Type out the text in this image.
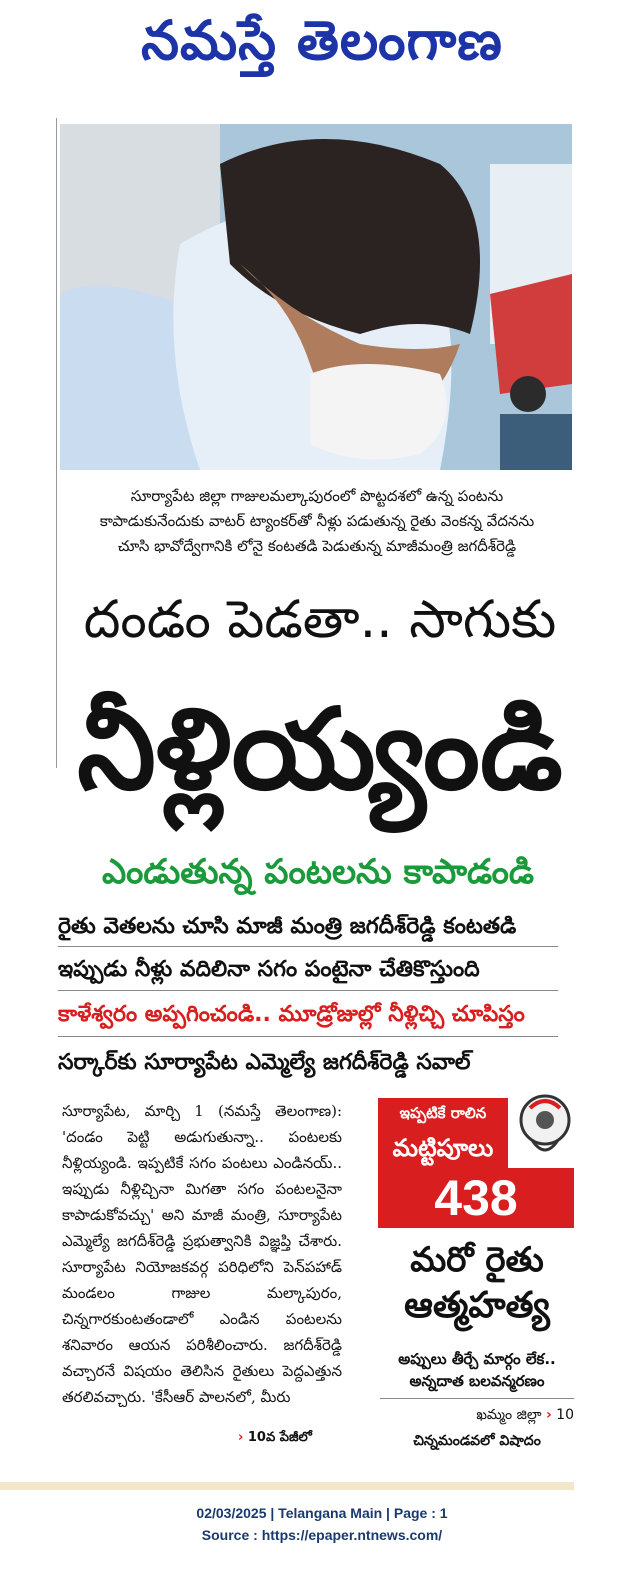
నమస్తే తెలంగాణ
సూర్యాపేట జిల్లా గాజులమల్కాపురంలో పొట్టదశలో ఉన్న పంటను కాపాడుకునేందుకు వాటర్ ట్యాంకర్‌తో నీళ్లు పడుతున్న రైతు వెంకన్న వేదనను చూసి భావోద్వేగానికి లోనై కంటతడి పెడుతున్న మాజీమంత్రి జగదీశ్‌రెడ్డి
దండం పెడతా.. సాగుకు
నీళ్లియ్యండి
ఎండుతున్న పంటలను కాపాడండి
రైతు వెతలను చూసి మాజీ మంత్రి జగదీశ్‌రెడ్డి కంటతడి
ఇప్పుడు నీళ్లు వదిలినా సగం పంటైనా చేతికొస్తుంది
కాళేశ్వరం అప్పగించండి.. మూడ్రోజుల్లో నీళ్లిచ్చి చూపిస్తం
సర్కార్‌కు సూర్యాపేట ఎమ్మెల్యే జగదీశ్‌రెడ్డి సవాల్
సూర్యాపేట, మార్చి 1 (నమస్తే తెలంగాణ): 'దండం పెట్టి అడుగుతున్నా.. పంటలకు నీళ్లియ్యండి. ఇప్పటికే సగం పంటలు ఎండినయ్.. ఇప్పుడు నీళ్లిచ్చినా మిగతా సగం పంటలనైనా కాపాడుకోవచ్చు' అని మాజీ మంత్రి, సూర్యాపేట ఎమ్మెల్యే జగదీశ్‌రెడ్డి ప్రభుత్వానికి విజ్ఞప్తి చేశారు. సూర్యాపేట నియోజకవర్గ పరిధిలోని పెన్‌పహాడ్ మండలం గాజుల మల్కాపురం, చిన్నగారకుంటతండాలో ఎండిన పంటలను శనివారం ఆయన పరిశీలించారు. జగదీశ్‌రెడ్డి వచ్చారనే విషయం తెలిసిన రైతులు పెద్దఎత్తున తరలివచ్చారు. 'కేసీఆర్ పాలనలో, మీరు
› 10వ పేజీలో
ఇప్పటికే రాలిన
మట్టిపూలు
438
మరో రైతు
ఆత్మహత్య
అప్పులు తీర్చే మార్గం లేక.. అన్నదాత బలవన్మరణం
ఖమ్మం జిల్లా › 10
చిన్నమండవలో విషాదం
02/03/2025 | Telangana Main | Page : 1
Source : https://epaper.ntnews.com/
